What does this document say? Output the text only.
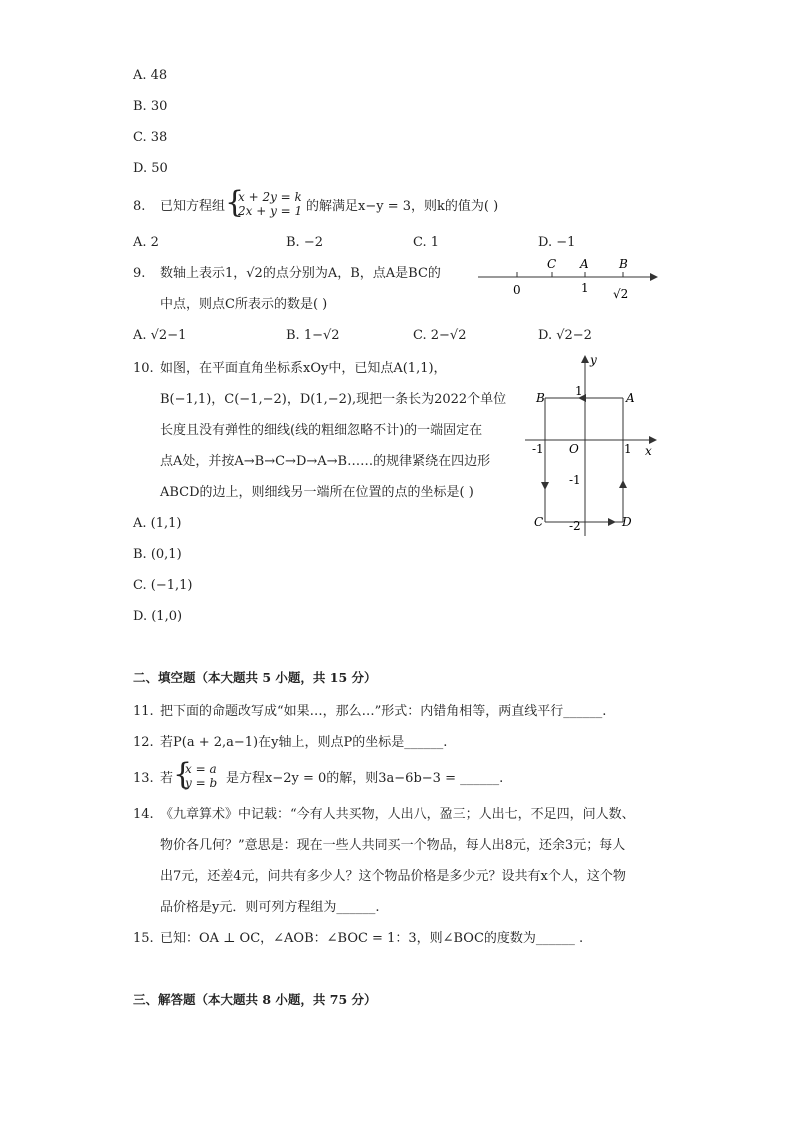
A. 48
B. 30
C. 38
D. 50
8. 已知方程组 {
x + 2y = k
2x + y = 1 的解满足x−y = 3，则k的值为( )
A. 2	B. −2	C. 1	D. −1
9. 数轴上表示1，√2的点分别为A，B，点A是BC的
中点，则点C所表示的数是( )
C A	B
0	1 √2
A. √2−1	B. 1−√2	C. 2−√2	D. √2−2
10. 如图，在平面直角坐标系xOy中，已知点A(1,1)，
B(−1,1)，C(−1,−2)，D(1,−2),现把一条长为2022个单位
长度且没有弹性的细线(线的粗细忽略不计)的一端固定在
点A处，并按A→B→C→D→A→B……的规律紧绕在四边形
ABCD的边上，则细线另一端所在位置的点的坐标是( )
y
x
O
A
B
C	D
1
-1	1
-1
-2
A. (1,1)
B. (0,1)
C. (−1,1)
D. (1,0)
二、填空题（本大题共 5 小题，共 15 分）
11. 把下面的命题改写成“如果…，那么…”形式：内错角相等，两直线平行______.
12. 若P(a + 2,a−1)在y轴上，则点P的坐标是______.
13. 若 {
x = a
y = b 是方程x−2y = 0的解，则3a−6b−3 = ______.
14. 《九章算术》中记载：“今有人共买物，人出八，盈三；人出七，不足四，问人数、
物价各几何？”意思是：现在一些人共同买一个物品，每人出8元，还余3元；每人
出7元，还差4元，问共有多少人？这个物品价格是多少元？设共有x个人，这个物
品价格是y元．则可列方程组为______.
15. 已知：OA ⊥ OC，∠AOB：∠BOC = 1：3，则∠BOC的度数为______ .
三、解答题（本大题共 8 小题，共 75 分）
